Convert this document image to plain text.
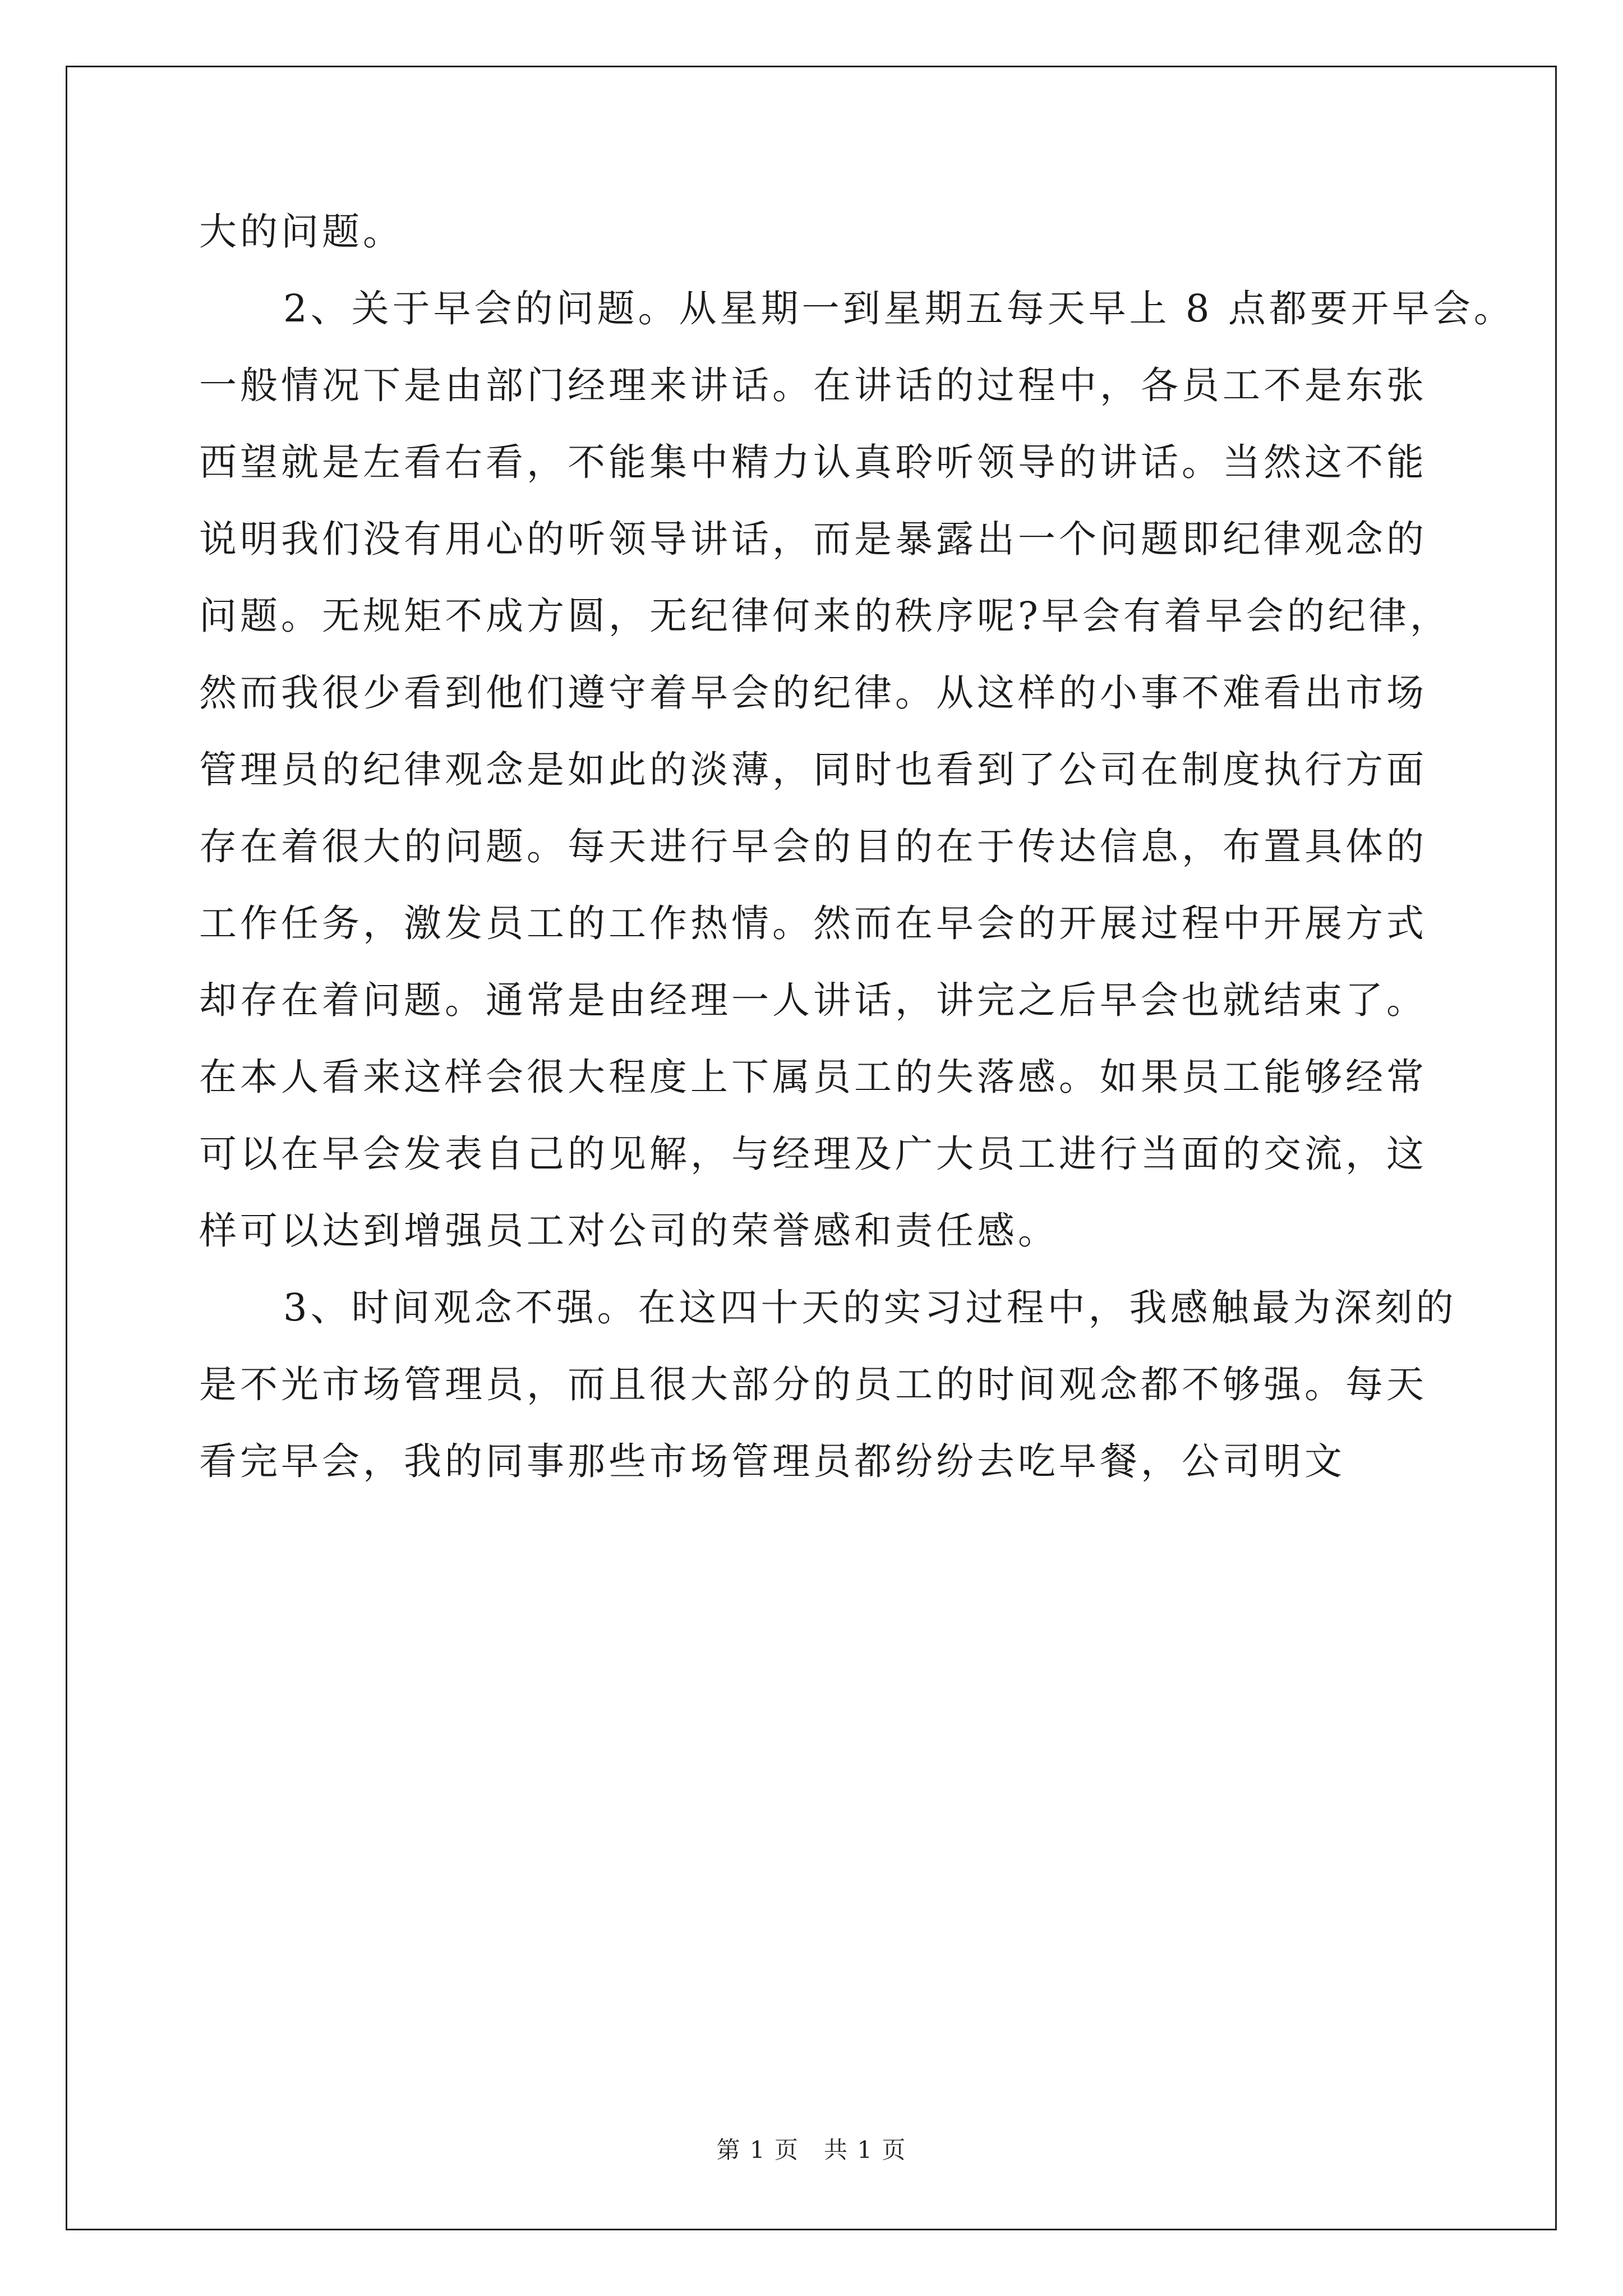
大的问题。
2、关于早会的问题。从星期一到星期五每天早上 8 点都要开早会。
一般情况下是由部门经理来讲话。在讲话的过程中，各员工不是东张
西望就是左看右看，不能集中精力认真聆听领导的讲话。当然这不能
说明我们没有用心的听领导讲话，而是暴露出一个问题即纪律观念的
问题。无规矩不成方圆，无纪律何来的秩序呢?早会有着早会的纪律，
然而我很少看到他们遵守着早会的纪律。从这样的小事不难看出市场
管理员的纪律观念是如此的淡薄，同时也看到了公司在制度执行方面
存在着很大的问题。每天进行早会的目的在于传达信息，布置具体的
工作任务，激发员工的工作热情。然而在早会的开展过程中开展方式
却存在着问题。通常是由经理一人讲话，讲完之后早会也就结束了。
在本人看来这样会很大程度上下属员工的失落感。如果员工能够经常
可以在早会发表自己的见解，与经理及广大员工进行当面的交流，这
样可以达到增强员工对公司的荣誉感和责任感。
3、时间观念不强。在这四十天的实习过程中，我感触最为深刻的
是不光市场管理员，而且很大部分的员工的时间观念都不够强。每天
看完早会，我的同事那些市场管理员都纷纷去吃早餐，公司明文
第 1 页　共 1 页
